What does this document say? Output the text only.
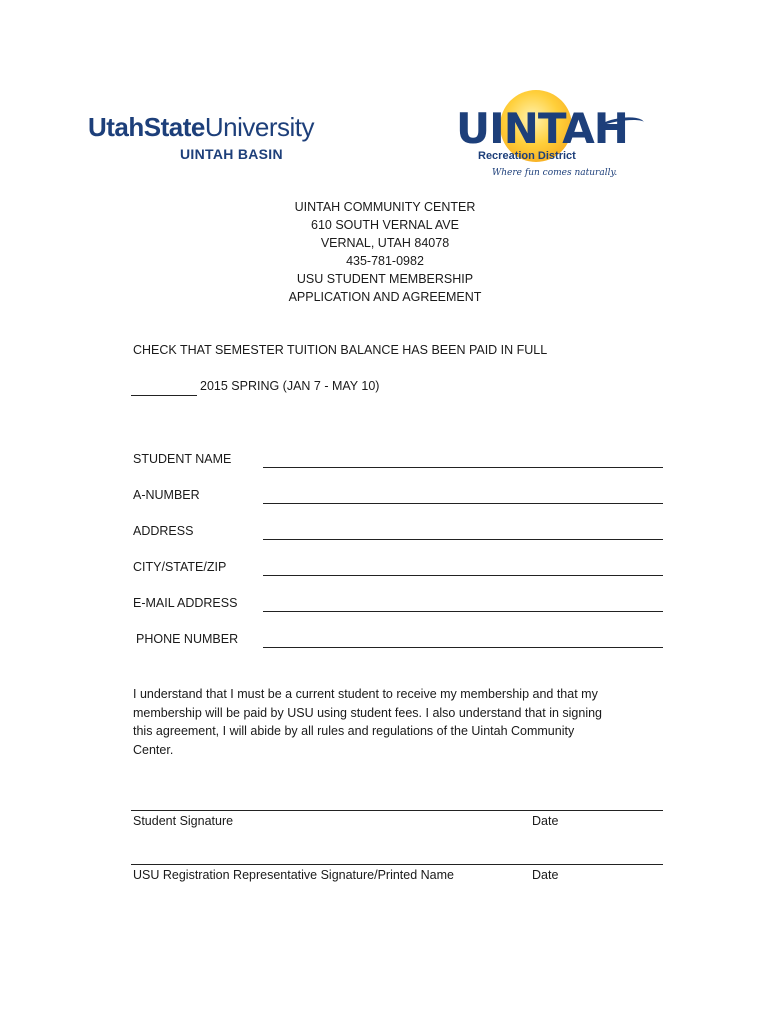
UtahStateUniversity
UINTAH BASIN
UINTAH
Recreation District
Where fun comes naturally.
UINTAH COMMUNITY CENTER
610 SOUTH VERNAL AVE
VERNAL, UTAH 84078
435-781-0982
USU STUDENT MEMBERSHIP
APPLICATION AND AGREEMENT
CHECK THAT SEMESTER TUITION BALANCE HAS BEEN PAID IN FULL
2015 SPRING (JAN 7 - MAY 10)
STUDENT NAME
A-NUMBER
ADDRESS
CITY/STATE/ZIP
E-MAIL ADDRESS
PHONE NUMBER
I understand that I must be a current student to receive my membership and that my membership will be paid by USU using student fees. I also understand that in signing this agreement, I will abide by all rules and regulations of the Uintah Community Center.
Student Signature	Date
USU Registration Representative Signature/Printed Name	Date
